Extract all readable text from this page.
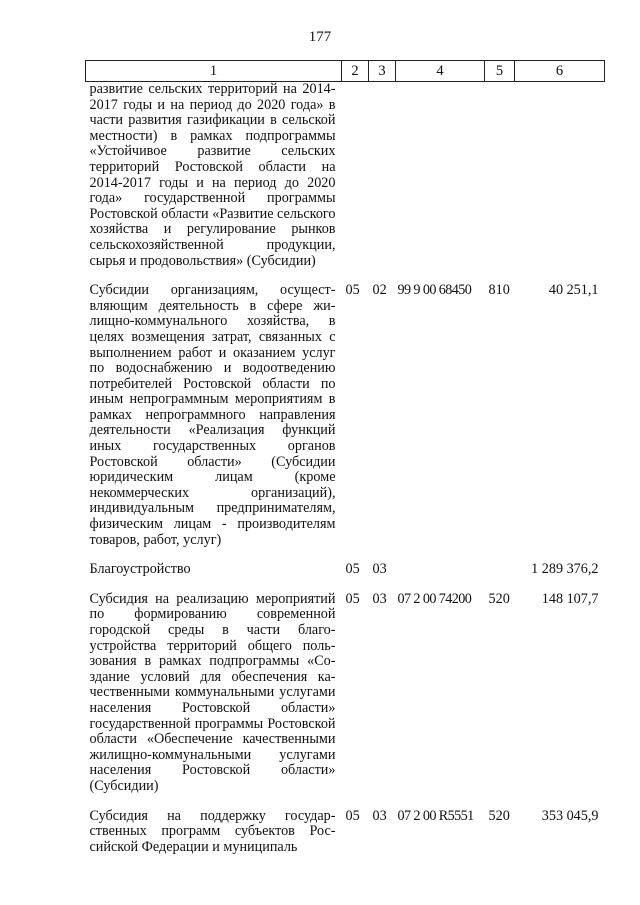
177
1	2	3	4	5	6
развитие сельских территорий на 2014-2017 годы и на период до 2020 года» в части развития газификации в сельской местности) в рамках подпрограммы «Устойчивое развитие сельских территорий Ростовской области на 2014-2017 годы и на период до 2020 года» государственной программы Ростовской области «Развитие сельского хозяйства и регулирование рынков сельскохозяйственной продукции, сырья и продовольствия» (Субсидии)					

Субсидии организациям, осуществляющим деятельность в сфере жилищно-коммунального хозяйства, в целях возмещения затрат, связанных с выполнением работ и оказанием услуг по водоснабжению и водоотведению потребителей Ростовской области по иным непрограммным мероприятиям в рамках непрограммного направления деятельности «Реализация функций иных государственных органов Ростовской области» (Субсидии юридическим лицам (кроме некоммерческих организаций), индивидуальным предпринимателям, физическим лицам - производителям товаров, работ, услуг)	05	02	99 9 00 68450	810	40 251,1

Благоустройство	05	03			1 289 376,2

Субсидия на реализацию мероприятий по формированию современной городской среды в части благоустройства территорий общего пользования в рамках подпрограммы «Создание условий для обеспечения качественными коммунальными услугами населения Ростовской области» государственной программы Ростовской области «Обеспечение качественными жилищно-коммунальными услугами населения Ростовской области» (Субсидии)	05	03	07 2 00 74200	520	148 107,7

Субсидия на поддержку государственных программ субъектов Российской Федерации и муниципаль	05	03	07 2 00 R5551	520	353 045,9
